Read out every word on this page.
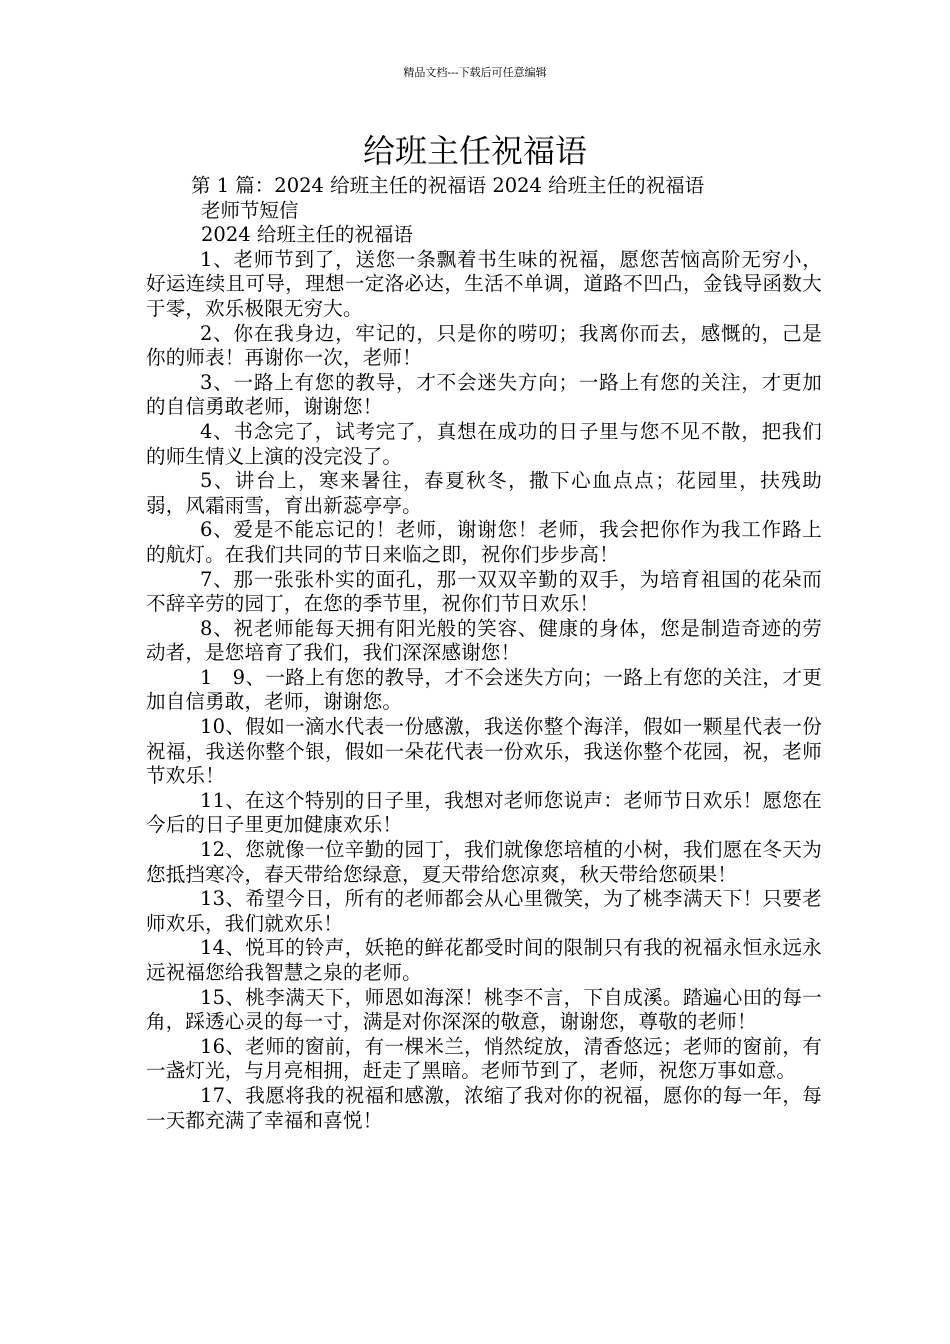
精品文档---下载后可任意编辑
给班主任祝福语
第 1 篇：2024 给班主任的祝福语 2024 给班主任的祝福语
老师节短信
2024 给班主任的祝福语
1、老师节到了，送您一条飘着书生味的祝福，愿您苦恼高阶无穷小，好运连续且可导，理想一定洛必达，生活不单调，道路不凹凸，金钱导函数大于零，欢乐极限无穷大。
2、你在我身边，牢记的，只是你的唠叨；我离你而去，感慨的，己是你的师表！再谢你一次，老师！
3、一路上有您的教导，才不会迷失方向；一路上有您的关注，才更加的自信勇敢老师，谢谢您！
4、书念完了，试考完了，真想在成功的日子里与您不见不散，把我们的师生情义上演的没完没了。
5、讲台上，寒来暑往，春夏秋冬，撒下心血点点；花园里，扶残助弱，风霜雨雪，育出新蕊亭亭。
6、爱是不能忘记的！老师，谢谢您！老师，我会把你作为我工作路上的航灯。在我们共同的节日来临之即，祝你们步步高！
7、那一张张朴实的面孔，那一双双辛勤的双手，为培育祖国的花朵而不辞辛劳的园丁，在您的季节里，祝你们节日欢乐！
8、祝老师能每天拥有阳光般的笑容、健康的身体，您是制造奇迹的劳动者，是您培育了我们，我们深深感谢您！
1　9、一路上有您的教导，才不会迷失方向；一路上有您的关注，才更加自信勇敢，老师，谢谢您。
10、假如一滴水代表一份感激，我送你整个海洋，假如一颗星代表一份祝福，我送你整个银，假如一朵花代表一份欢乐，我送你整个花园，祝，老师节欢乐！
11、在这个特别的日子里，我想对老师您说声：老师节日欢乐！愿您在今后的日子里更加健康欢乐！
12、您就像一位辛勤的园丁，我们就像您培植的小树，我们愿在冬天为您抵挡寒冷，春天带给您绿意，夏天带给您凉爽，秋天带给您硕果！
13、希望今日，所有的老师都会从心里微笑，为了桃李满天下！只要老师欢乐，我们就欢乐！
14、悦耳的铃声，妖艳的鲜花都受时间的限制只有我的祝福永恒永远永远祝福您给我智慧之泉的老师。
15、桃李满天下，师恩如海深！桃李不言，下自成溪。踏遍心田的每一角，踩透心灵的每一寸，满是对你深深的敬意，谢谢您，尊敬的老师！
16、老师的窗前，有一棵米兰，悄然绽放，清香悠远；老师的窗前，有一盏灯光，与月亮相拥，赶走了黑暗。老师节到了，老师，祝您万事如意。
17、我愿将我的祝福和感激，浓缩了我对你的祝福，愿你的每一年，每一天都充满了幸福和喜悦！
